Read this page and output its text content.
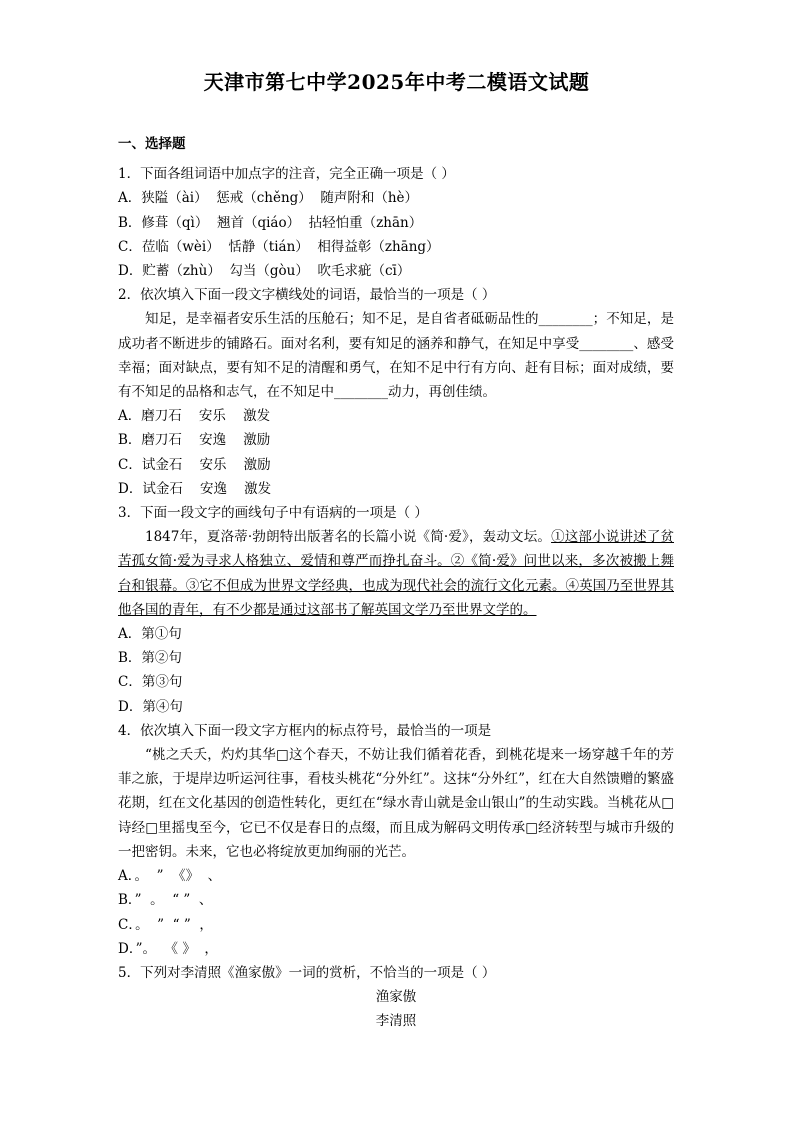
天津市第七中学2025年中考二模语文试题
一、选择题
1．下面各组词语中加点字的注音，完全正确一项是（ ）
A．狭隘（ài）  惩戒（chěng）  随声附和（hè）
B．修葺（qì）  翘首（qiáo）  拈轻怕重（zhān）
C．莅临（wèi）  恬静（tián）  相得益彰（zhāng）
D．贮蓄（zhù）  勾当（gòu）  吹毛求疵（cī）
2．依次填入下面一段文字横线处的词语，最恰当的一项是（ ）
知足，是幸福者安乐生活的压舱石；知不足，是自省者砥砺品性的________；不知足，是成功者不断进步的铺路石。面对名利，要有知足的涵养和静气，在知足中享受________、感受幸福；面对缺点，要有知不足的清醒和勇气，在知不足中行有方向、赶有目标；面对成绩，要有不知足的品格和志气，在不知足中________动力，再创佳绩。
A．磨刀石    安乐    激发
B．磨刀石    安逸    激励
C．试金石    安乐    激励
D．试金石    安逸    激发
3．下面一段文字的画线句子中有语病的一项是（ ）
1847年，夏洛蒂·勃朗特出版著名的长篇小说《简·爱》，轰动文坛。①这部小说讲述了贫苦孤女简·爱为寻求人格独立、爱情和尊严而挣扎奋斗。②《简·爱》问世以来，多次被搬上舞台和银幕。③它不但成为世界文学经典，也成为现代社会的流行文化元素。④英国乃至世界其他各国的青年，有不少都是通过这部书了解英国文学乃至世界文学的。
A．第①句
B．第②句
C．第③句
D．第④句
4．依次填入下面一段文字方框内的标点符号，最恰当的一项是
“桃之夭夭，灼灼其华□这个春天，不妨让我们循着花香，到桃花堤来一场穿越千年的芳菲之旅，于堤岸边听运河往事，看枝头桃花“分外红”。这抹“分外红”，红在大自然馈赠的繁盛花期，红在文化基因的创造性转化，更红在“绿水青山就是金山银山”的生动实践。当桃花从□诗经□里摇曳至今，它已不仅是春日的点缀，而且成为解码文明传承□经济转型与城市升级的一把密钥。未来，它也必将绽放更加绚丽的光芒。
A．。  ”  《》  、
B．”  。  “ ”  、
C．。  ”  “ ”  ，
D．”。  《 》  ，
5．下列对李清照《渔家傲》一词的赏析，不恰当的一项是（ ）
渔家傲
李清照
